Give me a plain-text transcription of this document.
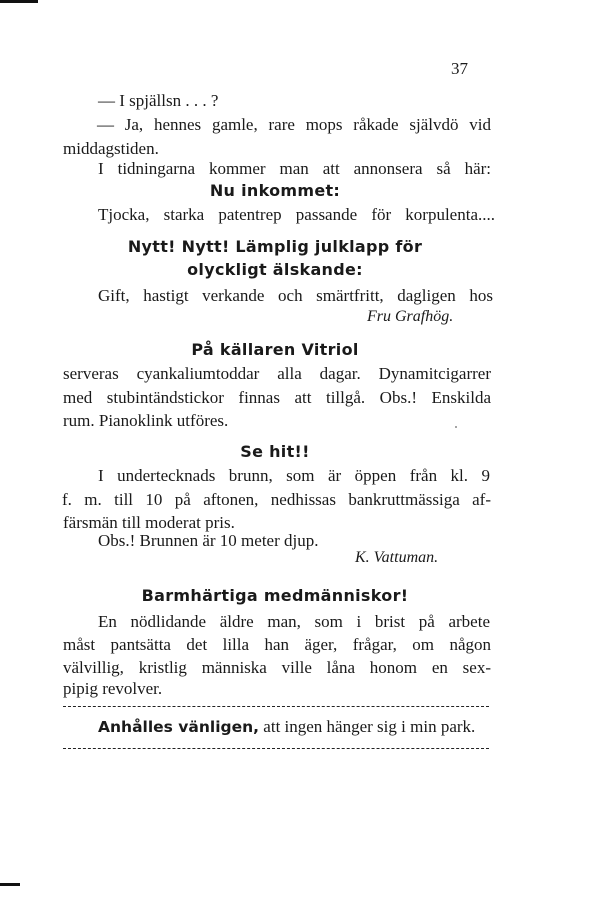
37
— I spjällsn . . . ?
— Ja, hennes gamle, rare mops råkade självdö vid
middagstiden.
I tidningarna kommer man att annonsera så här:
Nu inkommet:
Tjocka, starka patentrep passande för korpulenta....
Nytt! Nytt! Lämplig julklapp för
olyckligt älskande:
Gift, hastigt verkande och smärtfritt, dagligen hos
Fru Grafhög.
På källaren Vitriol
serveras cyankaliumtoddar alla dagar. Dynamitcigarrer
med stubintändstickor finnas att tillgå. Obs.! Enskilda
rum. Pianoklink utföres.
Se hit!!
I undertecknads brunn, som är öppen från kl. 9
f. m. till 10 på aftonen, nedhissas bankruttmässiga af-
färsmän till moderat pris.
Obs.! Brunnen är 10 meter djup.
K. Vattuman.
Barmhärtiga medmänniskor!
En nödlidande äldre man, som i brist på arbete
måst pantsätta det lilla han äger, frågar, om någon
välvillig, kristlig människa ville låna honom en sex-
pipig revolver.
Anhålles vänligen, att ingen hänger sig i min park.
